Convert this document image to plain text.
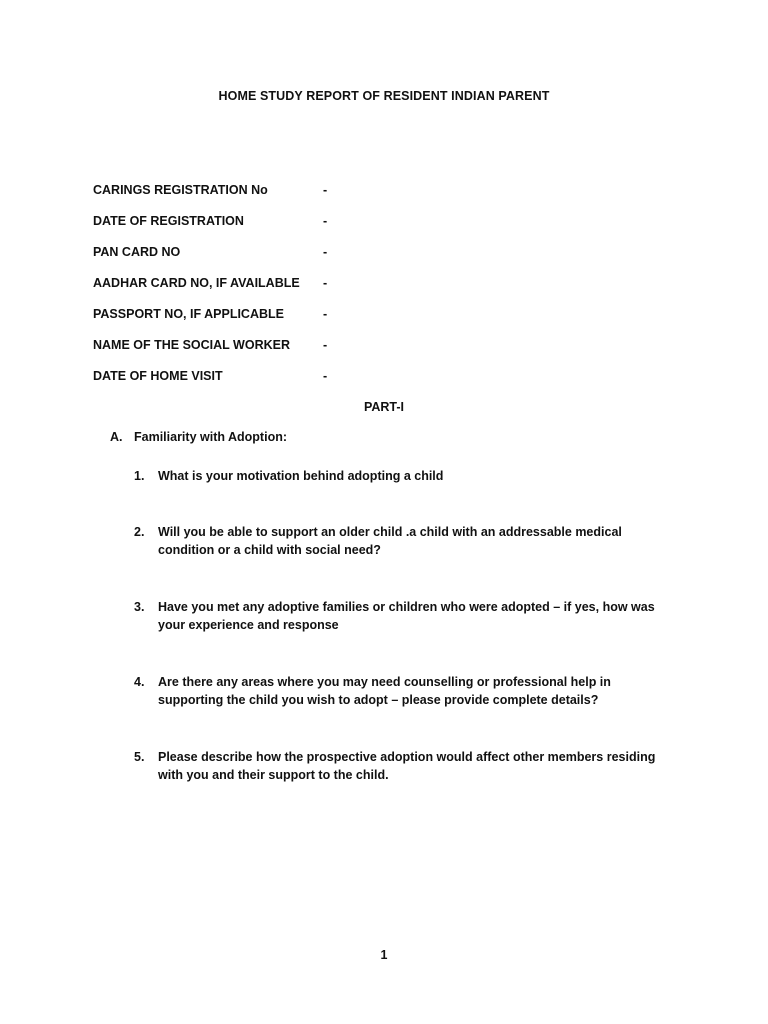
HOME STUDY REPORT OF RESIDENT INDIAN PARENT
CARINGS REGISTRATION No	-
DATE OF REGISTRATION	-
PAN CARD NO	-
AADHAR CARD NO, IF AVAILABLE -
PASSPORT NO, IF APPLICABLE	-
NAME OF THE SOCIAL WORKER	-
DATE OF HOME VISIT	-
PART-I
A. Familiarity with Adoption:
1. What is your motivation behind adopting a child
2. Will you be able to support an older child .a child with an addressable medical condition or a child with social need?
3. Have you met any adoptive families or children who were adopted – if yes, how was your experience and response
4. Are there any areas where you may need counselling or professional help in supporting the child you wish to adopt – please provide complete details?
5. Please describe how the prospective adoption would affect other members residing with you and their support to the child.
1
